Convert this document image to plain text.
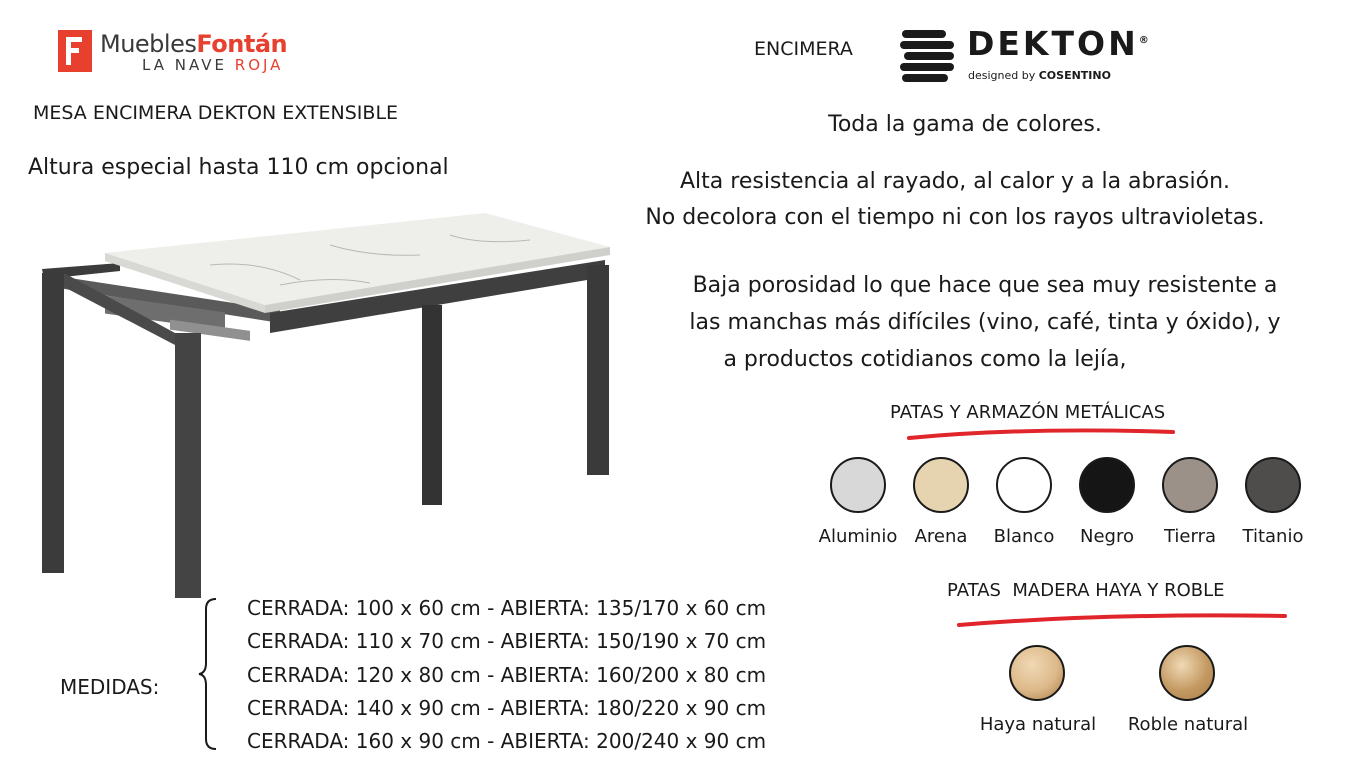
MueblesFontán
LA NAVE ROJA
MESA ENCIMERA DEKTON EXTENSIBLE
Altura especial hasta 110 cm opcional
MEDIDAS:
CERRADA: 100 x 60 cm - ABIERTA: 135/170 x 60 cm
CERRADA: 110 x 70 cm - ABIERTA: 150/190 x 70 cm
CERRADA: 120 x 80 cm - ABIERTA: 160/200 x 80 cm
CERRADA: 140 x 90 cm - ABIERTA: 180/220 x 90 cm
CERRADA: 160 x 90 cm - ABIERTA: 200/240 x 90 cm
ENCIMERA	DEKTON®
designed by COSENTINO
Toda la gama de colores.
Alta resistencia al rayado, al calor y a la abrasión.
No decolora con el tiempo ni con los rayos ultravioletas.
Baja porosidad lo que hace que sea muy resistente a
las manchas más difíciles (vino, café, tinta y óxido), y
a productos cotidianos como la lejía,
PATAS Y ARMAZÓN METÁLICAS
PATAS  MADERA HAYA Y ROBLE
Aluminio Arena	Blanco	Negro	Tierra	Titanio
Haya natural	Roble natural
